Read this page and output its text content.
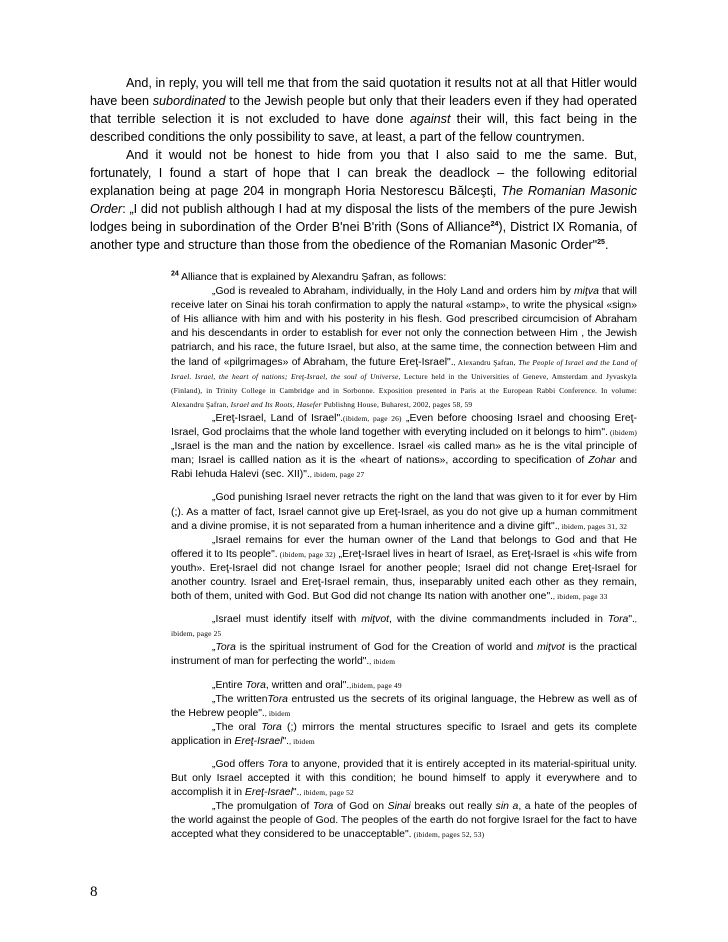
And, in reply, you will tell me that from the said quotation it results not at all that Hitler would have been subordinated to the Jewish people but only that their leaders even if they had operated that terrible selection it is not excluded to have done against their will, this fact being in the described conditions the only possibility to save, at least, a part of the fellow countrymen.

And it would not be honest to hide from you that I also said to me the same. But, fortunately, I found a start of hope that I can break the deadlock – the following editorial explanation being at page 204 in mongraph Horia Nestorescu Bălceşti, The Romanian Masonic Order: „I did not publish although I had at my disposal the lists of the members of the pure Jewish lodges being in subordination of the Order B'nei B'rith (Sons of Alliance$^{24}$), District IX Romania, of another type and structure than those from the obedience of the Romanian Masonic Order"$^{25}$.

$^{24}$ Alliance that is explained by Alexandru Şafran, as follows:

„God is revealed to Abraham, individually, in the Holy Land and orders him by miţva that will receive later on Sinai his torah confirmation to apply the natural «stamp», to write the physical «sign» of His alliance with him and with his posterity in his flesh. God prescribed circumcision of Abraham and his descendants in order to establish for ever not only the connection between Him , the Jewish patriarch, and his race, the future Israel, but also, at the same time, the connection between Him and the land of «pilgrimages» of Abraham, the future Ereţ-Israel"., Alexandru Şafran, The People of Israel and the Land of Israel. Israel, the heart of nations; Ereţ-Israel, the soul of Universe, Lecture held in the Universities of Geneve, Amsterdam and Jyvaskyla (Finland), in Trinity College in Cambridge and in Sorbonne. Exposition presented in Paris at the European Rabbi Conference. In volume: Alexandru Şafran, Israel and Its Roots, Hasefer Publishng House, Buharest, 2002, pages 58, 59

„Ereţ-Israel, Land of Israel".(ibidem, page 26) „Even before choosing Israel and choosing Ereţ-Israel, God proclaims that the whole land together with everyting included on it belongs to him". (ibidem) „Israel is the man and the nation by excellence. Israel «is called man» as he is the vital principle of man; Israel is callled nation as it is the «heart of nations», according to specification of Zohar and Rabi Iehuda Halevi (sec. XII)"., ibidem, page 27

„God punishing Israel never retracts the right on the land that was given to it for ever by Him (;). As a matter of fact, Israel cannot give up Ereţ-Israel, as you do not give up a human commitment and a divine promise, it is not separated from a human inheritence and a divine gift"., ibidem, pages 31, 32

„Israel remains for ever the human owner of the Land that belongs to God and that He offered it to Its people". (ibidem, page 32) „Ereţ-Israel lives in heart of Israel, as Ereţ-Israel is «his wife from youth». Ereţ-Israel did not change Israel for another people; Israel did not change Ereţ-Israel for another country. Israel and Ereţ-Israel remain, thus, inseparably united each other as they remain, both of them, united with God. But God did not change Its nation with another one"., ibidem, page 33

„Israel must identify itself with miţvot, with the divine commandments included in Tora"., ibidem, page 25

„Tora is the spiritual instrument of God for the Creation of world and miţvot is the practical instrument of man for perfecting the world"., ibidem

„Entire Tora, written and oral".,ibidem, page 49

„The writtenTora entrusted us the secrets of its original language, the Hebrew as well as of the Hebrew people"., ibidem

„The oral Tora (;) mirrors the mental structures specific to Israel and gets its complete application in Ereţ-Israel"., ibidem

„God offers Tora to anyone, provided that it is entirely accepted in its material-spiritual unity. But only Israel accepted it with this condition; he bound himself to apply it everywhere and to accomplish it in Ereţ-Israel"., ibidem, page 52

„The promulgation of Tora of God on Sinai breaks out really sin a, a hate of the peoples of the world against the people of God. The peoples of the earth do not forgive Israel for the fact to have accepted what they considered to be unacceptable". (ibidem, pages 52, 53)

8
